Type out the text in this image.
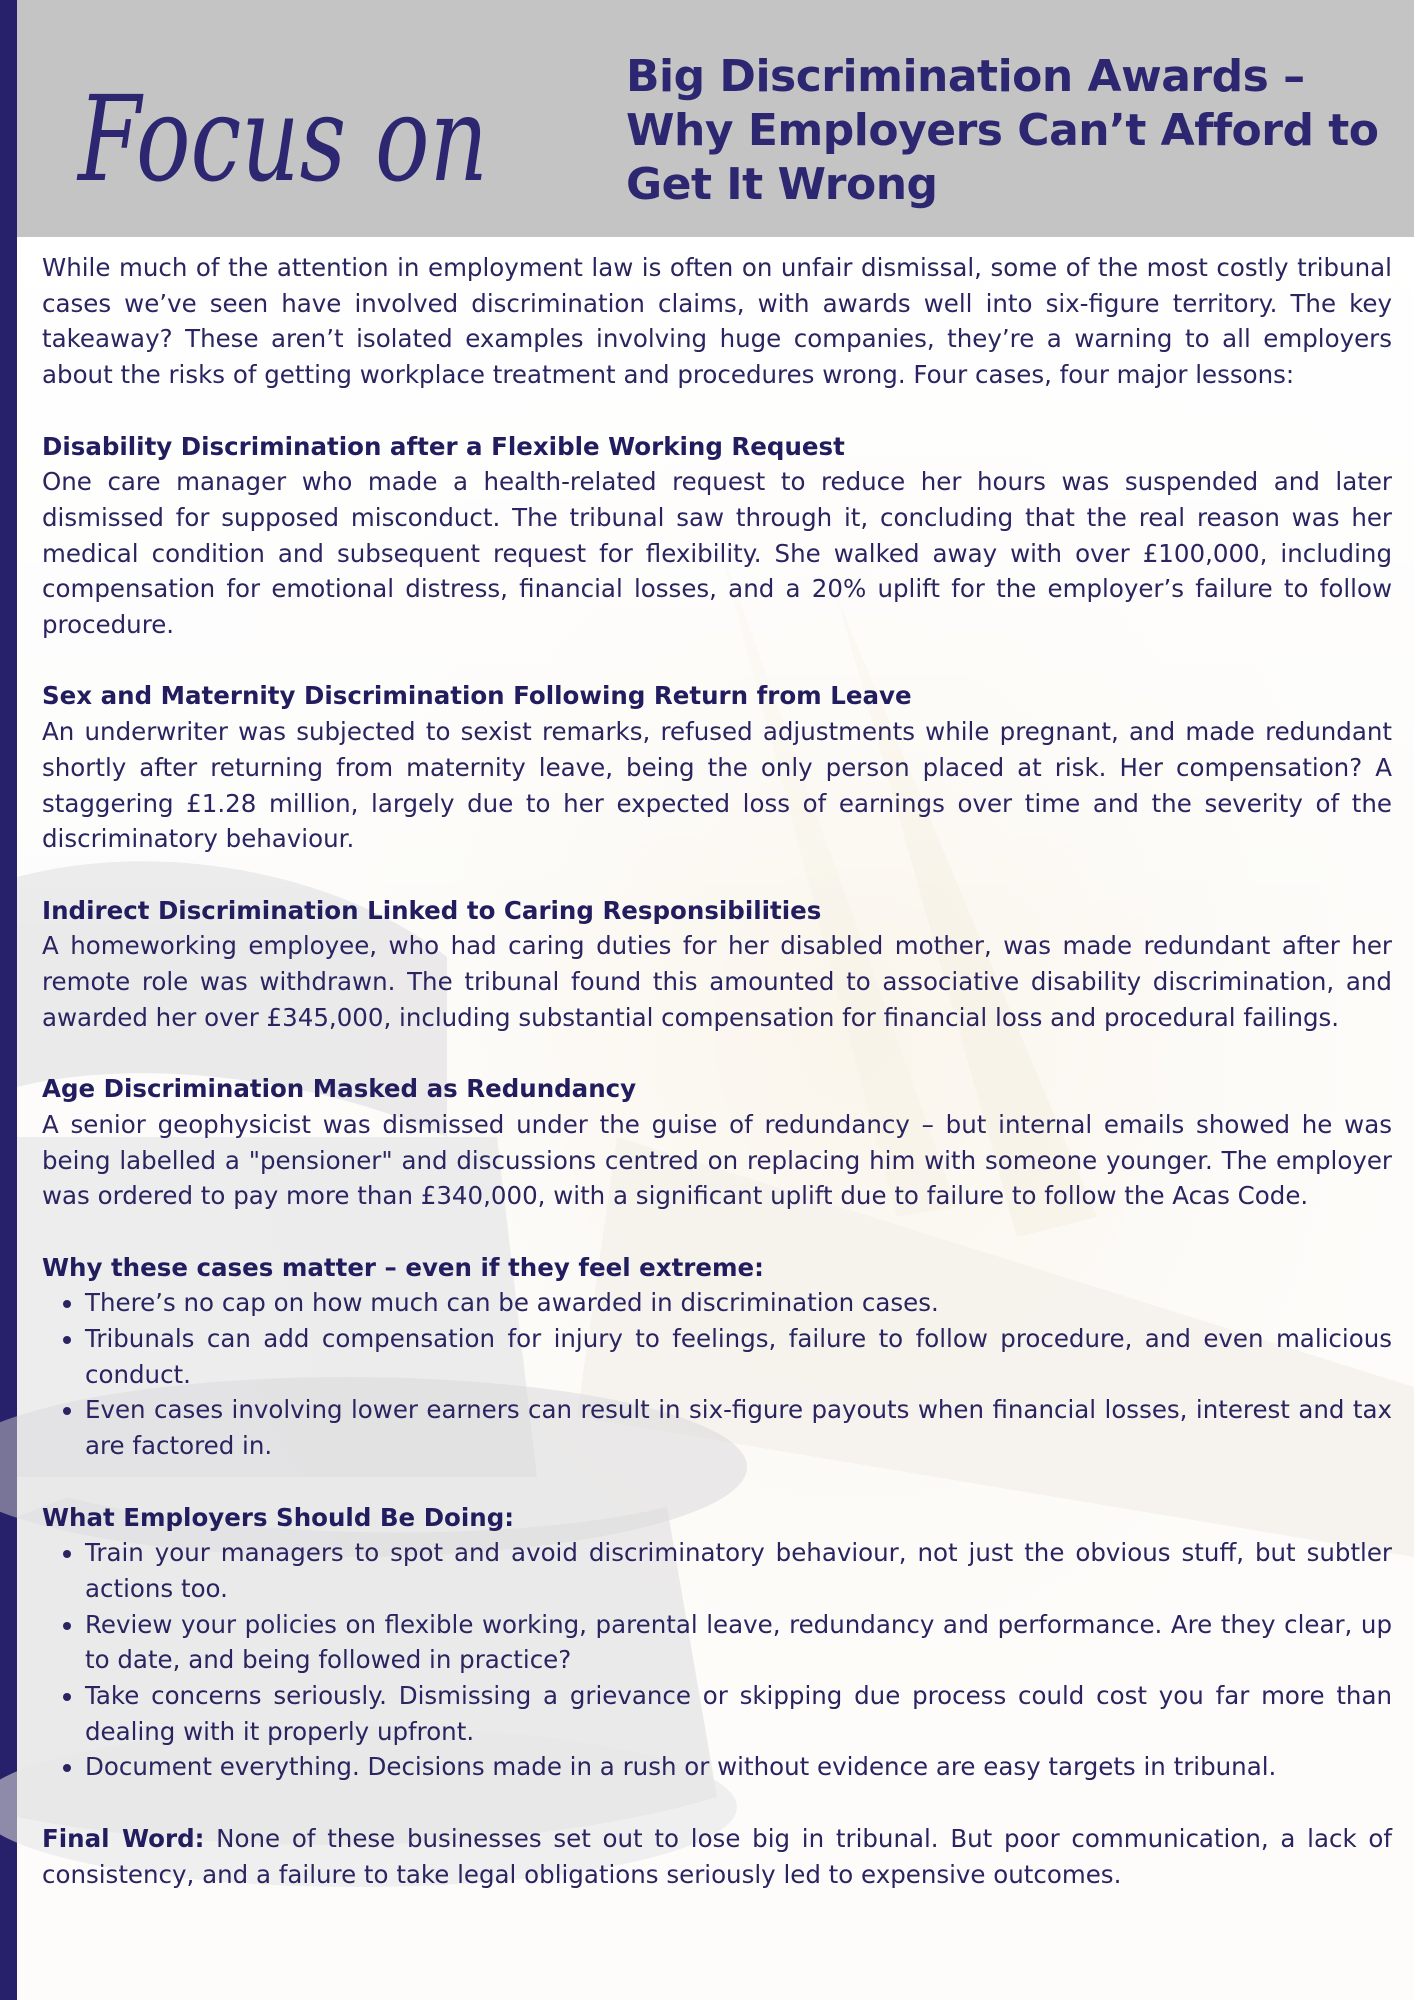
Focus on	Big Discrimination Awards –
Why Employers Can’t Afford to
Get It Wrong

While much of the attention in employment law is often on unfair dismissal, some of the most costly tribunal cases we’ve seen have involved discrimination claims, with awards well into six-figure territory. The key takeaway? These aren’t isolated examples involving huge companies, they’re a warning to all employers about the risks of getting workplace treatment and procedures wrong. Four cases, four major lessons:

Disability Discrimination after a Flexible Working Request

One care manager who made a health-related request to reduce her hours was suspended and later dismissed for supposed misconduct. The tribunal saw through it, concluding that the real reason was her medical condition and subsequent request for flexibility. She walked away with over £100,000, including compensation for emotional distress, financial losses, and a 20% uplift for the employer’s failure to follow procedure.

Sex and Maternity Discrimination Following Return from Leave

An underwriter was subjected to sexist remarks, refused adjustments while pregnant, and made redundant shortly after returning from maternity leave, being the only person placed at risk. Her compensation? A staggering £1.28 million, largely due to her expected loss of earnings over time and the severity of the discriminatory behaviour.

Indirect Discrimination Linked to Caring Responsibilities

A homeworking employee, who had caring duties for her disabled mother, was made redundant after her remote role was withdrawn. The tribunal found this amounted to associative disability discrimination, and awarded her over £345,000, including substantial compensation for financial loss and procedural failings.

Age Discrimination Masked as Redundancy

A senior geophysicist was dismissed under the guise of redundancy – but internal emails showed he was being labelled a "pensioner" and discussions centred on replacing him with someone younger. The employer was ordered to pay more than £340,000, with a significant uplift due to failure to follow the Acas Code.

Why these cases matter – even if they feel extreme:
• There’s no cap on how much can be awarded in discrimination cases.
• Tribunals can add compensation for injury to feelings, failure to follow procedure, and even malicious conduct.
• Even cases involving lower earners can result in six-figure payouts when financial losses, interest and tax are factored in.
What Employers Should Be Doing:
• Train your managers to spot and avoid discriminatory behaviour, not just the obvious stuff, but subtler actions too.
• Review your policies on flexible working, parental leave, redundancy and performance. Are they clear, up to date, and being followed in practice?
• Take concerns seriously. Dismissing a grievance or skipping due process could cost you far more than dealing with it properly upfront.
• Document everything. Decisions made in a rush or without evidence are easy targets in tribunal.

Final Word: None of these businesses set out to lose big in tribunal. But poor communication, a lack of consistency, and a failure to take legal obligations seriously led to expensive outcomes.
